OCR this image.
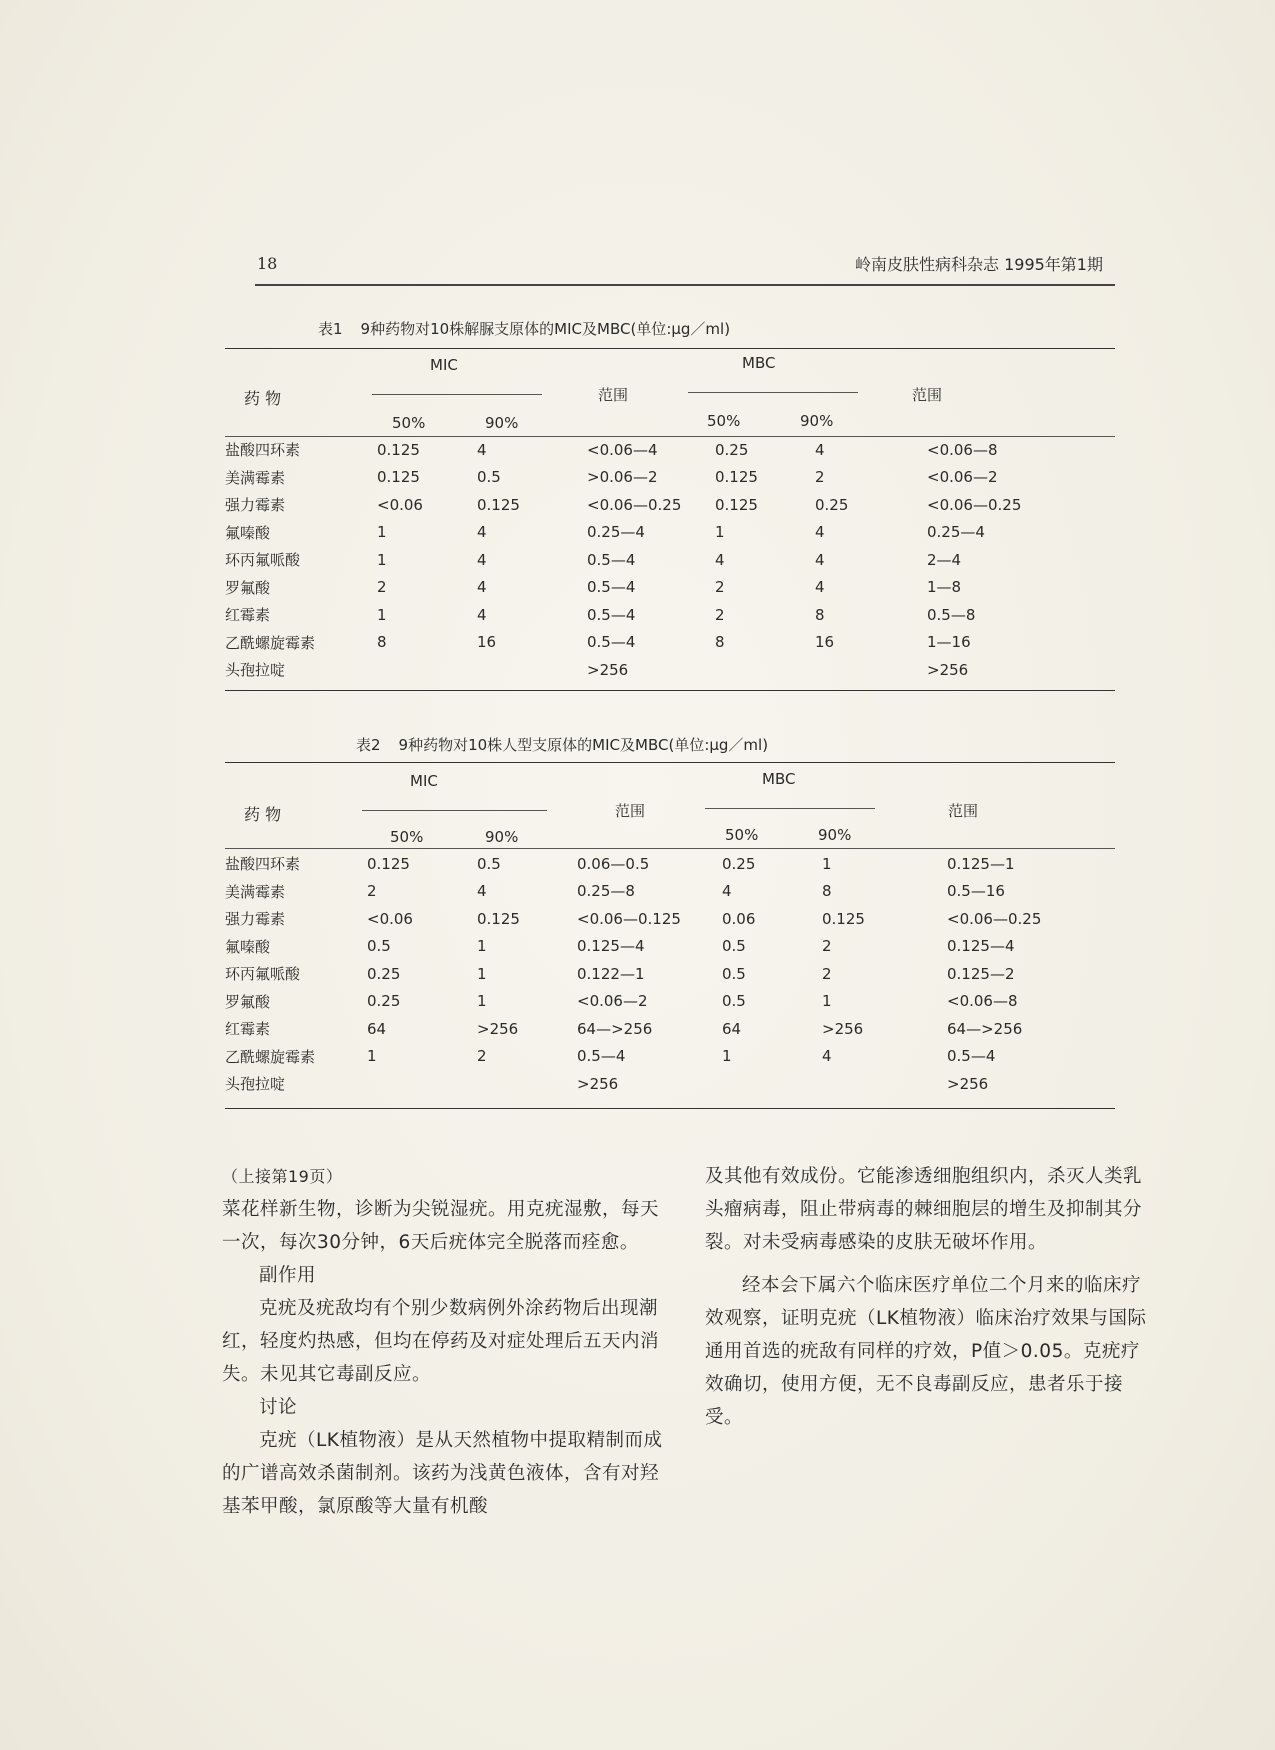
18	岭南皮肤性病科杂志 1995年第1期
表1 9种药物对10株解脲支原体的MIC及MBC(单位:μg／ml)
MIC	MBC
药 物	范围	范围
50%	90%	50%	90%
盐酸四环素	0.125	4	<0.06—4	0.25	4	<0.06—8
美满霉素	0.125	0.5	>0.06—2	0.125	2	<0.06—2
强力霉素	<0.06	0.125	<0.06—0.25	0.125	0.25	<0.06—0.25
氟嗪酸	1	4	0.25—4	1	4	0.25—4
环丙氟哌酸	1	4	0.5—4	4	4	2—4
罗氟酸	2	4	0.5—4	2	4	1—8
红霉素	1	4	0.5—4	2	8	0.5—8
乙酰螺旋霉素	8	16	0.5—4	8	16	1—16
头孢拉啶			>256			>256
表2 9种药物对10株人型支原体的MIC及MBC(单位:μg／ml)
MIC	MBC
药 物	范围	范围
50%	90%	50%	90%
盐酸四环素	0.125	0.5	0.06—0.5	0.25	1	0.125—1
美满霉素	2	4	0.25—8	4	8	0.5—16
强力霉素	<0.06	0.125	<0.06—0.125	0.06	0.125	<0.06—0.25
氟嗪酸	0.5	1	0.125—4	0.5	2	0.125—4
环丙氟哌酸	0.25	1	0.122—1	0.5	2	0.125—2
罗氟酸	0.25	1	<0.06—2	0.5	1	<0.06—8
红霉素	64	>256	64—>256	64	>256	64—>256
乙酰螺旋霉素	1	2	0.5—4	1	4	0.5—4
头孢拉啶			>256			>256

（上接第19页）

菜花样新生物，诊断为尖锐湿疣。用克疣湿敷，每天一次，每次30分钟，6天后疣体完全脱落而痊愈。

副作用

克疣及疣敌均有个别少数病例外涂药物后出现潮红，轻度灼热感，但均在停药及对症处理后五天内消失。未见其它毒副反应。

讨论

克疣（LK植物液）是从天然植物中提取精制而成的广谱高效杀菌制剂。该药为浅黄色液体，含有对羟基苯甲酸，氯原酸等大量有机酸

及其他有效成份。它能渗透细胞组织内，杀灭人类乳头瘤病毒，阻止带病毒的棘细胞层的增生及抑制其分裂。对未受病毒感染的皮肤无破坏作用。

经本会下属六个临床医疗单位二个月来的临床疗效观察，证明克疣（LK植物液）临床治疗效果与国际通用首选的疣敌有同样的疗效，P值＞0.05。克疣疗效确切，使用方便，无不良毒副反应，患者乐于接受。
